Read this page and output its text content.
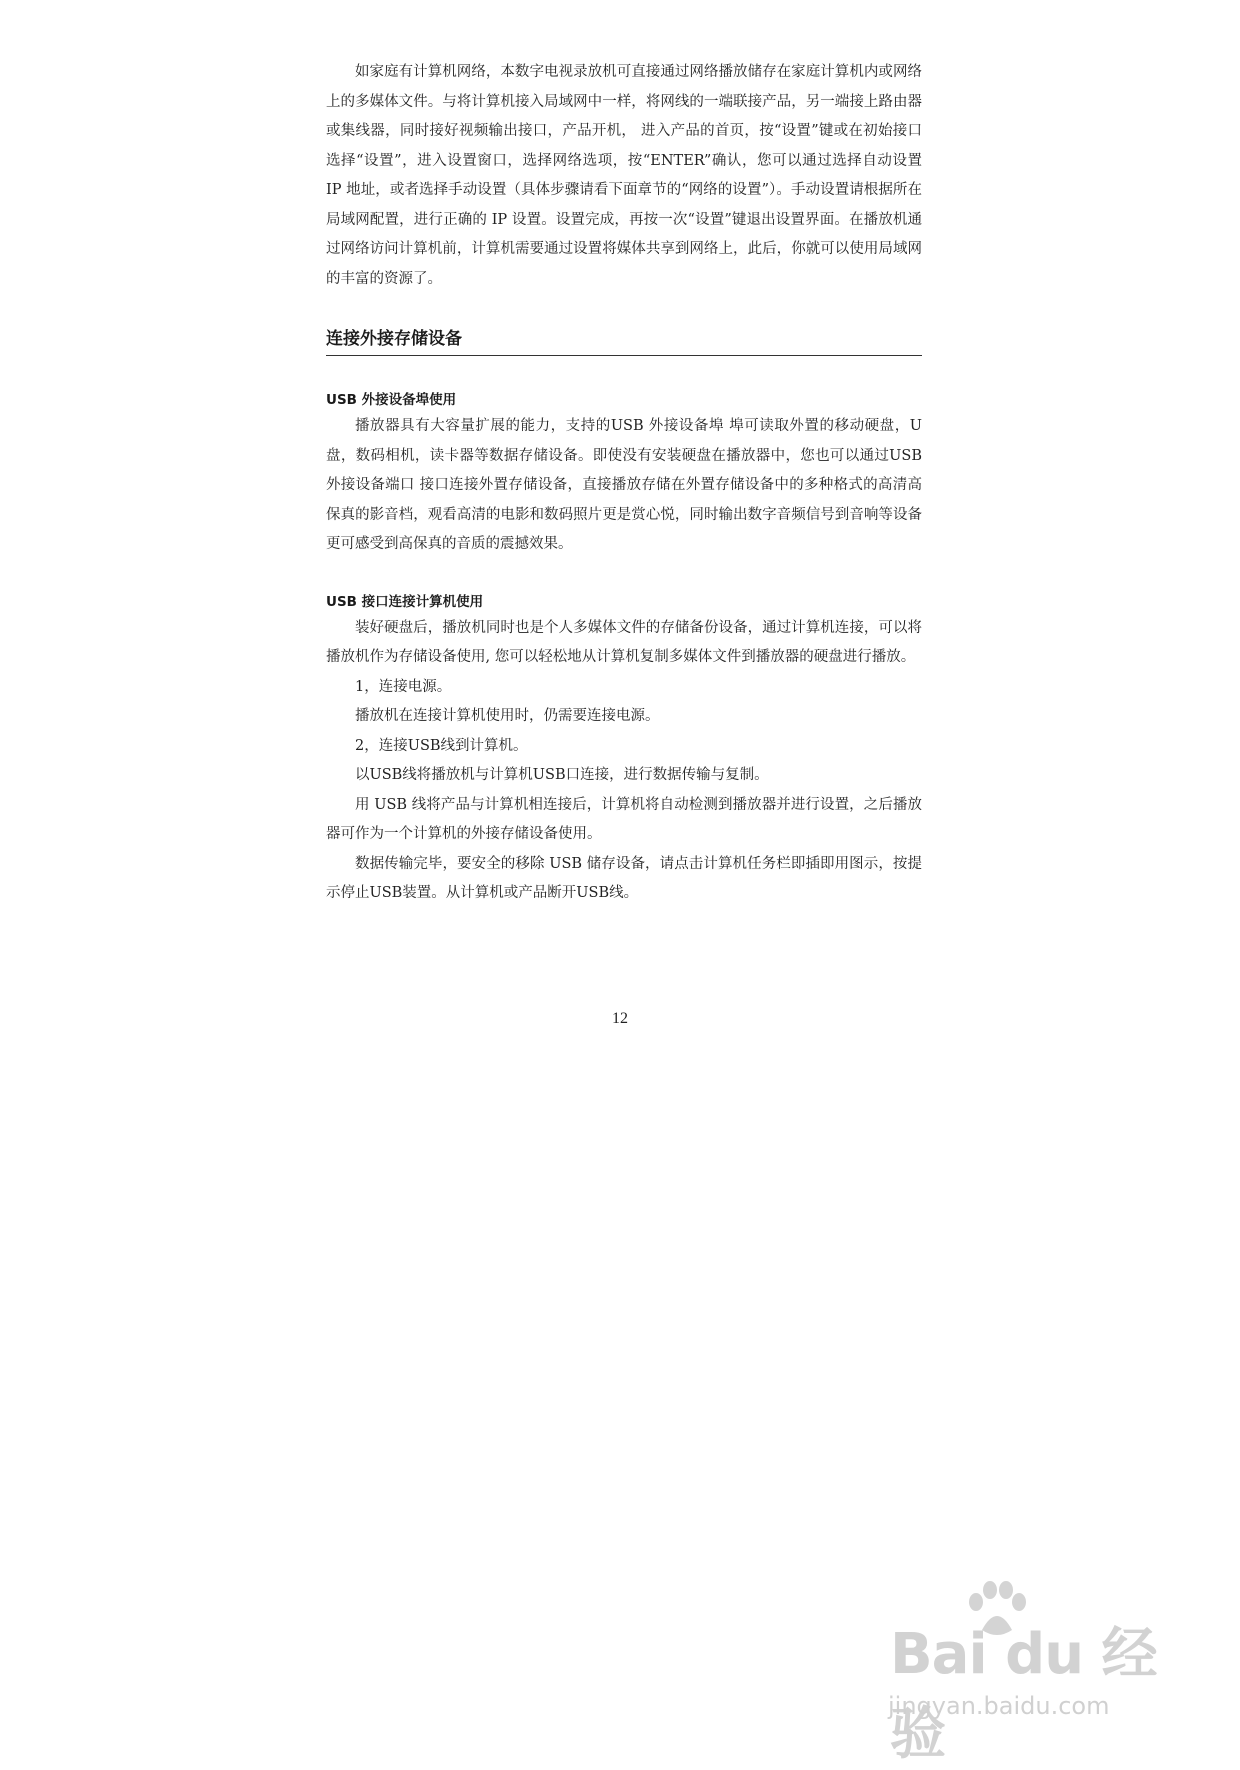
如家庭有计算机网络，本数字电视录放机可直接通过网络播放储存在家庭计算机内或网络上的多媒体文件。与将计算机接入局域网中一样，将网线的一端联接产品，另一端接上路由器或集线器，同时接好视频输出接口，产品开机， 进入产品的首页，按“设置”键或在初始接口选择“设置”，进入设置窗口，选择网络选项，按“ENTER”确认，您可以通过选择自动设置 IP 地址，或者选择手动设置（具体步骤请看下面章节的“网络的设置”）。手动设置请根据所在局域网配置，进行正确的 IP 设置。设置完成，再按一次“设置”键退出设置界面。在播放机通过网络访问计算机前，计算机需要通过设置将媒体共享到网络上，此后，你就可以使用局域网的丰富的资源了。

连接外接存储设备
USB 外接设备埠使用

播放器具有大容量扩展的能力，支持的USB 外接设备埠 埠可读取外置的移动硬盘，U 盘，数码相机，读卡器等数据存储设备。即使没有安装硬盘在播放器中，您也可以通过USB 外接设备端口 接口连接外置存储设备，直接播放存储在外置存储设备中的多种格式的高清高保真的影音档，观看高清的电影和数码照片更是赏心悦，同时输出数字音频信号到音响等设备更可感受到高保真的音质的震撼效果。

USB 接口连接计算机使用

装好硬盘后，播放机同时也是个人多媒体文件的存储备份设备，通过计算机连接，可以将播放机作为存储设备使用, 您可以轻松地从计算机复制多媒体文件到播放器的硬盘进行播放。

1，连接电源。

播放机在连接计算机使用时，仍需要连接电源。

2，连接USB线到计算机。

以USB线将播放机与计算机USB口连接，进行数据传输与复制。

用 USB 线将产品与计算机相连接后，计算机将自动检测到播放器并进行设置，之后播放器可作为一个计算机的外接存储设备使用。

数据传输完毕，要安全的移除 USB 储存设备，请点击计算机任务栏即插即用图示，按提示停止USB装置。从计算机或产品断开USB线。

12
Bai du 经验
jingyan.baidu.com
